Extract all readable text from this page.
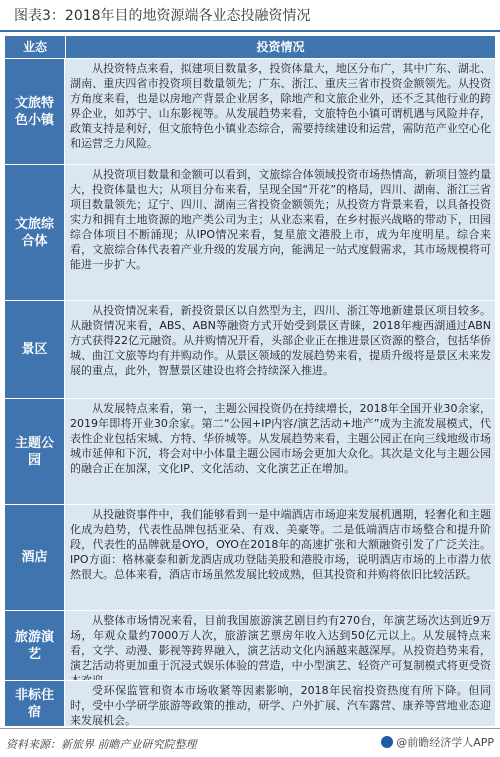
图表3：2018年目的地资源端各业态投融资情况
业态	投资情况
文旅特色小镇
从投资特点来看，拟建项目数量多，投资体量大，地区分布广，其中广东、湖北、湖南、重庆四省市投资项目数量领先；广东、浙江、重庆三省市投资金额领先。从投资方角度来看，也是以房地产背景企业居多，除地产和文旅企业外，还不乏其他行业的跨界企业，如苏宁、山东影视等。从发展趋势来看，文旅特色小镇可谓机遇与风险并存，政策支持是利好，但文旅特色小镇业态综合，需要持续建设和运营，需防范产业空心化和运营乏力风险。
文旅综合体
从投资项目数量和金额可以看到，文旅综合体领域投资市场热情高，新项目签约量大，投资体量也大；从项目分布来看，呈现全国“开花”的格局，四川、湖南、浙江三省项目数量领先；辽宁、四川、湖南三省投资金额领先；从投资方背景来看，以具备投资实力和拥有土地资源的地产类公司为主；从业态来看，在乡村振兴战略的带动下，田园综合体项目不断涌现；从IPO情况来看，复星旅文港股上市，成为年度明星。综合来看，文旅综合体代表着产业升级的发展方向，能满足一站式度假需求，其市场规模将可能进一步扩大。
景区
从投资情况来看，新投资景区以自然型为主，四川、浙江等地新建景区项目较多。从融资情况来看，ABS、ABN等融资方式开始受到景区青睐，2018年瘦西湖通过ABN方式获得22亿元融资。从并购情况开看，头部企业正在推进景区资源的整合，包括华侨城、曲江文旅等均有并购动作。从景区领域的发展趋势来看，提质升级将是景区未来发展的重点，此外，智慧景区建设也将会持续深入推进。
主题公园
从发展特点来看，第一，主题公园投资仍在持续增长，2018年全国开业30余家，2019年即将开业30余家。第二“公园+IP内容/演艺活动+地产”成为主流发展模式，代表性企业包括宋城、方特、华侨城等。从发展趋势来看，主题公园正在向三线地级市场城市延伸和下沉，将会对中小体量主题公园市场会更加大众化。其次是文化与主题公园的融合正在加深，文化IP、文化活动、文化演艺正在增加。
酒店
从投融资事件中，我们能够看到一是中端酒店市场迎来发展机遇期，轻奢化和主题化成为趋势，代表性品牌包括亚朵、有戏、美豪等。二是低端酒店市场整合和提升阶段，代表性的品牌就是OYO，OYO在2018年的高速扩张和大额融资引发了广泛关注。IPO方面：格林豪泰和新龙酒店成功登陆美股和港股市场，说明酒店市场的上市潜力依然很大。总体来看，酒店市场虽然发展比较成熟，但其投资和并购将依旧比较活跃。
旅游演艺
从整体市场情况来看，目前我国旅游演艺剧目约有270台，年演艺场次达到近9万场，年观众量约7000万人次，旅游演艺票房年收入达到50亿元以上。从发展特点来看，文学、动漫、影视等跨界融入，演艺活动文化内涵越来越深厚。从投资趋势来看，演艺活动将更加重于沉浸式娱乐体验的营造，中小型演艺、轻资产可复制模式将更受资
非标住宿
受环保监管和资本市场收紧等因素影响，2018年民宿投资热度有所下降。但同时，受中小学研学旅游等政策的推动，研学、户外扩展、汽车露营、康养等营地业态迎来发展机会。
资料来源：新旅界 前瞻产业研究院整理	@前瞻经济学人APP
